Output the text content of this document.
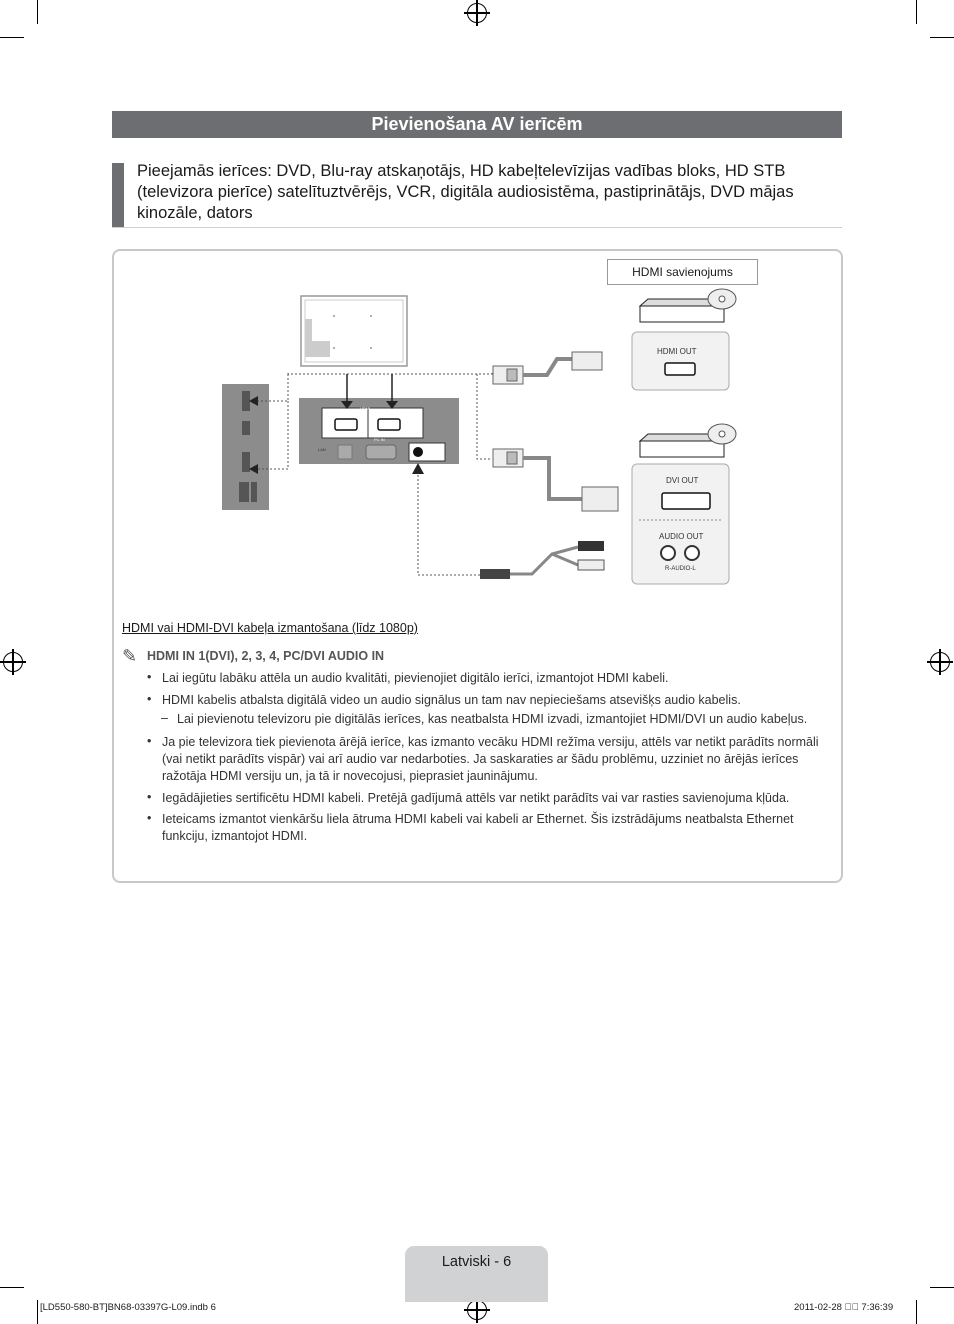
Pievienošana AV ierīcēm
Pieejamās ierīces: DVD, Blu-ray atskaņotājs, HD kabeļtelevīzijas vadības bloks, HD STB (televizora pierīce) satelītuztvērējs, VCR, digitāla audiosistēma, pastiprinātājs, DVD mājas kinozāle, dators
HDMI savienojums
HDMI OUT
DVI OUT
AUDIO OUT
R-AUDIO-L
HDMI
LAN
PC IN
DVI
PC/DVI AUDIO IN
HDMI vai HDMI-DVI kabeļa izmantošana (līdz 1080p)
✎ HDMI IN 1(DVI), 2, 3, 4, PC/DVI AUDIO IN
• Lai iegūtu labāku attēla un audio kvalitāti, pievienojiet digitālo ierīci, izmantojot HDMI kabeli.
• HDMI kabelis atbalsta digitālā video un audio signālus un tam nav nepieciešams atsevišķs audio kabelis.
– Lai pievienotu televizoru pie digitālās ierīces, kas neatbalsta HDMI izvadi, izmantojiet HDMI/DVI un audio kabeļus.
• Ja pie televizora tiek pievienota ārējā ierīce, kas izmanto vecāku HDMI režīma versiju, attēls var netikt parādīts normāli (vai netikt parādīts vispār) vai arī audio var nedarboties. Ja saskaraties ar šādu problēmu, uzziniet no ārējās ierīces ražotāja HDMI versiju un, ja tā ir novecojusi, pieprasiet jauninājumu.
• Iegādājieties sertificētu HDMI kabeli. Pretējā gadījumā attēls var netikt parādīts vai var rasties savienojuma kļūda.
• Ieteicams izmantot vienkāršu liela ātruma HDMI kabeli vai kabeli ar Ethernet. Šis izstrādājums neatbalsta Ethernet funkciju, izmantojot HDMI.
Latviski - 6
[LD550-580-BT]BN68-03397G-L09.indb 6	2011-02-28 ￿￿ 7:36:39
